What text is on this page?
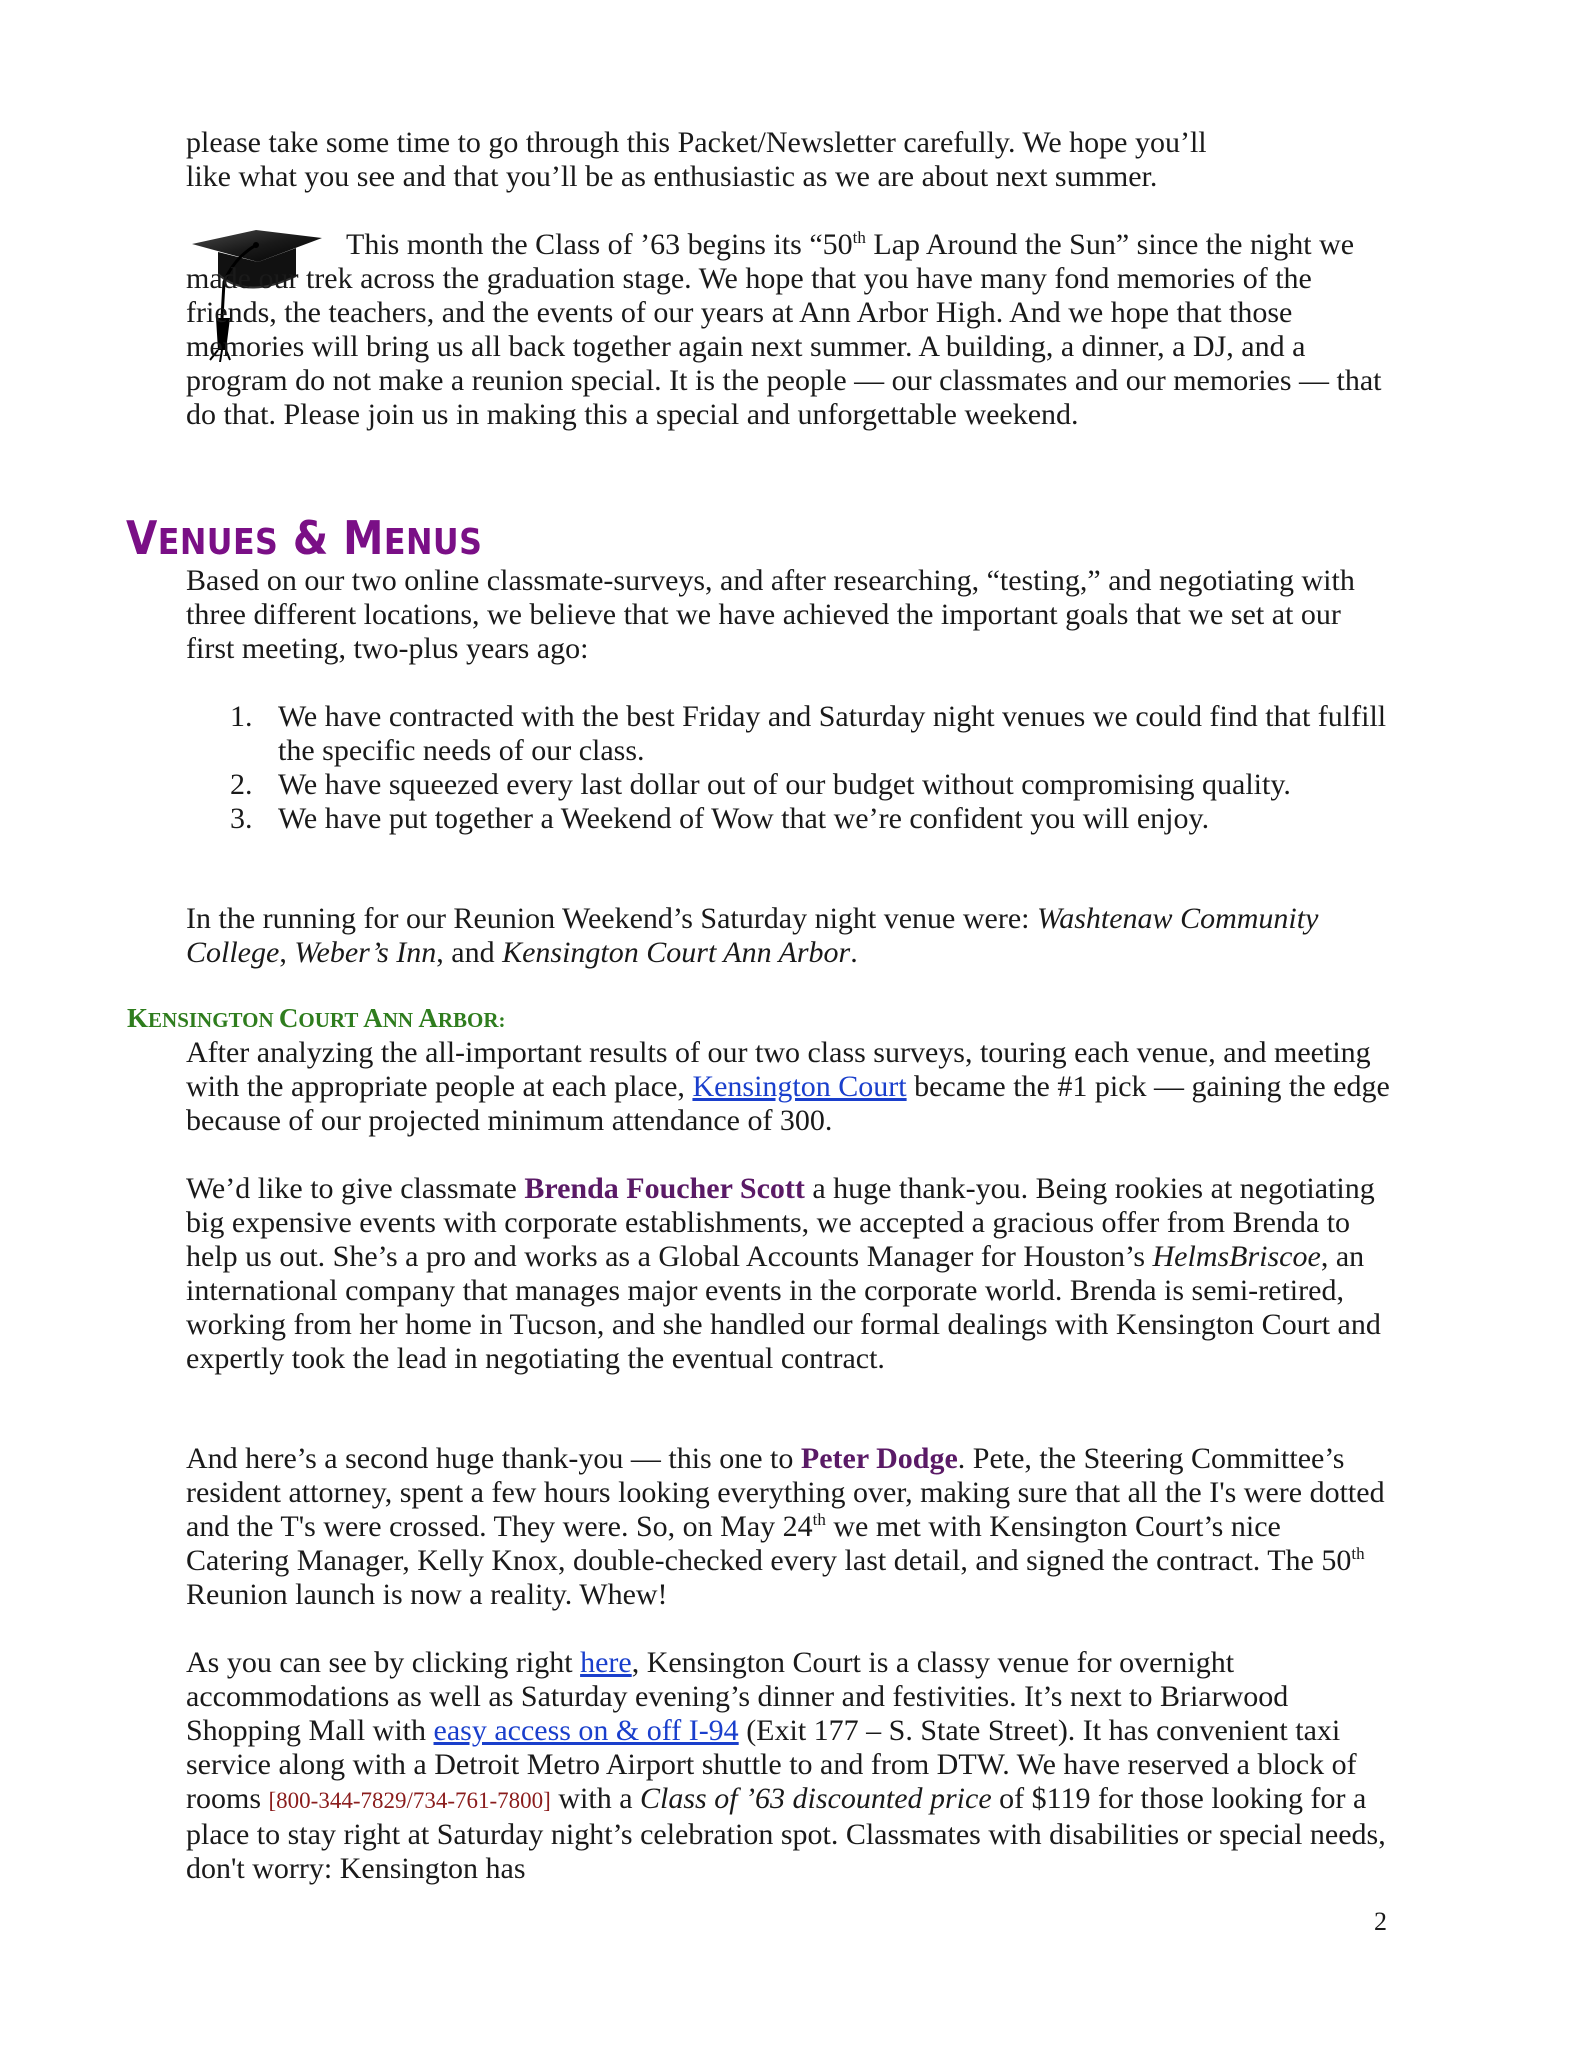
please take some time to go through this Packet/Newsletter carefully. We hope you’ll

like what you see and that you’ll be as enthusiastic as we are about next summer.

This month the Class of ’63 begins its “50th Lap Around the Sun” since the night we made our trek across the graduation stage. We hope that you have many fond memories of the friends, the teachers, and the events of our years at Ann Arbor High. And we hope that those memories will bring us all back together again next summer. A building, a dinner, a DJ, and a program do not make a reunion special. It is the people — our classmates and our memories — that do that. Please join us in making this a special and unforgettable weekend.

VENUES & MENUS

Based on our two online classmate-surveys, and after researching, “testing,” and negotiating with three different locations, we believe that we have achieved the important goals that we set at our first meeting, two-plus years ago:

1. We have contracted with the best Friday and Saturday night venues we could find that fulfill the specific needs of our class.
2. We have squeezed every last dollar out of our budget without compromising quality.
3. We have put together a Weekend of Wow that we’re confident you will enjoy.

In the running for our Reunion Weekend’s Saturday night venue were: Washtenaw Community College, Weber’s Inn, and Kensington Court Ann Arbor.

KENSINGTON COURT ANN ARBOR:

After analyzing the all-important results of our two class surveys, touring each venue, and meeting with the appropriate people at each place, Kensington Court became the #1 pick — gaining the edge because of our projected minimum attendance of 300.

We’d like to give classmate Brenda Foucher Scott a huge thank-you. Being rookies at negotiating big expensive events with corporate establishments, we accepted a gracious offer from Brenda to help us out. She’s a pro and works as a Global Accounts Manager for Houston’s HelmsBriscoe, an international company that manages major events in the corporate world. Brenda is semi-retired, working from her home in Tucson, and she handled our formal dealings with Kensington Court and expertly took the lead in negotiating the eventual contract.

And here’s a second huge thank-you — this one to Peter Dodge. Pete, the Steering Committee’s resident attorney, spent a few hours looking everything over, making sure that all the I's were dotted and the T's were crossed. They were. So, on May 24th we met with Kensington Court’s nice Catering Manager, Kelly Knox, double-checked every last detail, and signed the contract. The 50th Reunion launch is now a reality. Whew!

As you can see by clicking right here, Kensington Court is a classy venue for overnight accommodations as well as Saturday evening’s dinner and festivities. It’s next to Briarwood Shopping Mall with easy access on & off I-94 (Exit 177 – S. State Street). It has convenient taxi service along with a Detroit Metro Airport shuttle to and from DTW. We have reserved a block of rooms [800-344-7829/734-761-7800] with a Class of ’63 discounted price of $119 for those looking for a place to stay right at Saturday night’s celebration spot. Classmates with disabilities or special needs, don't worry: Kensington has

2
